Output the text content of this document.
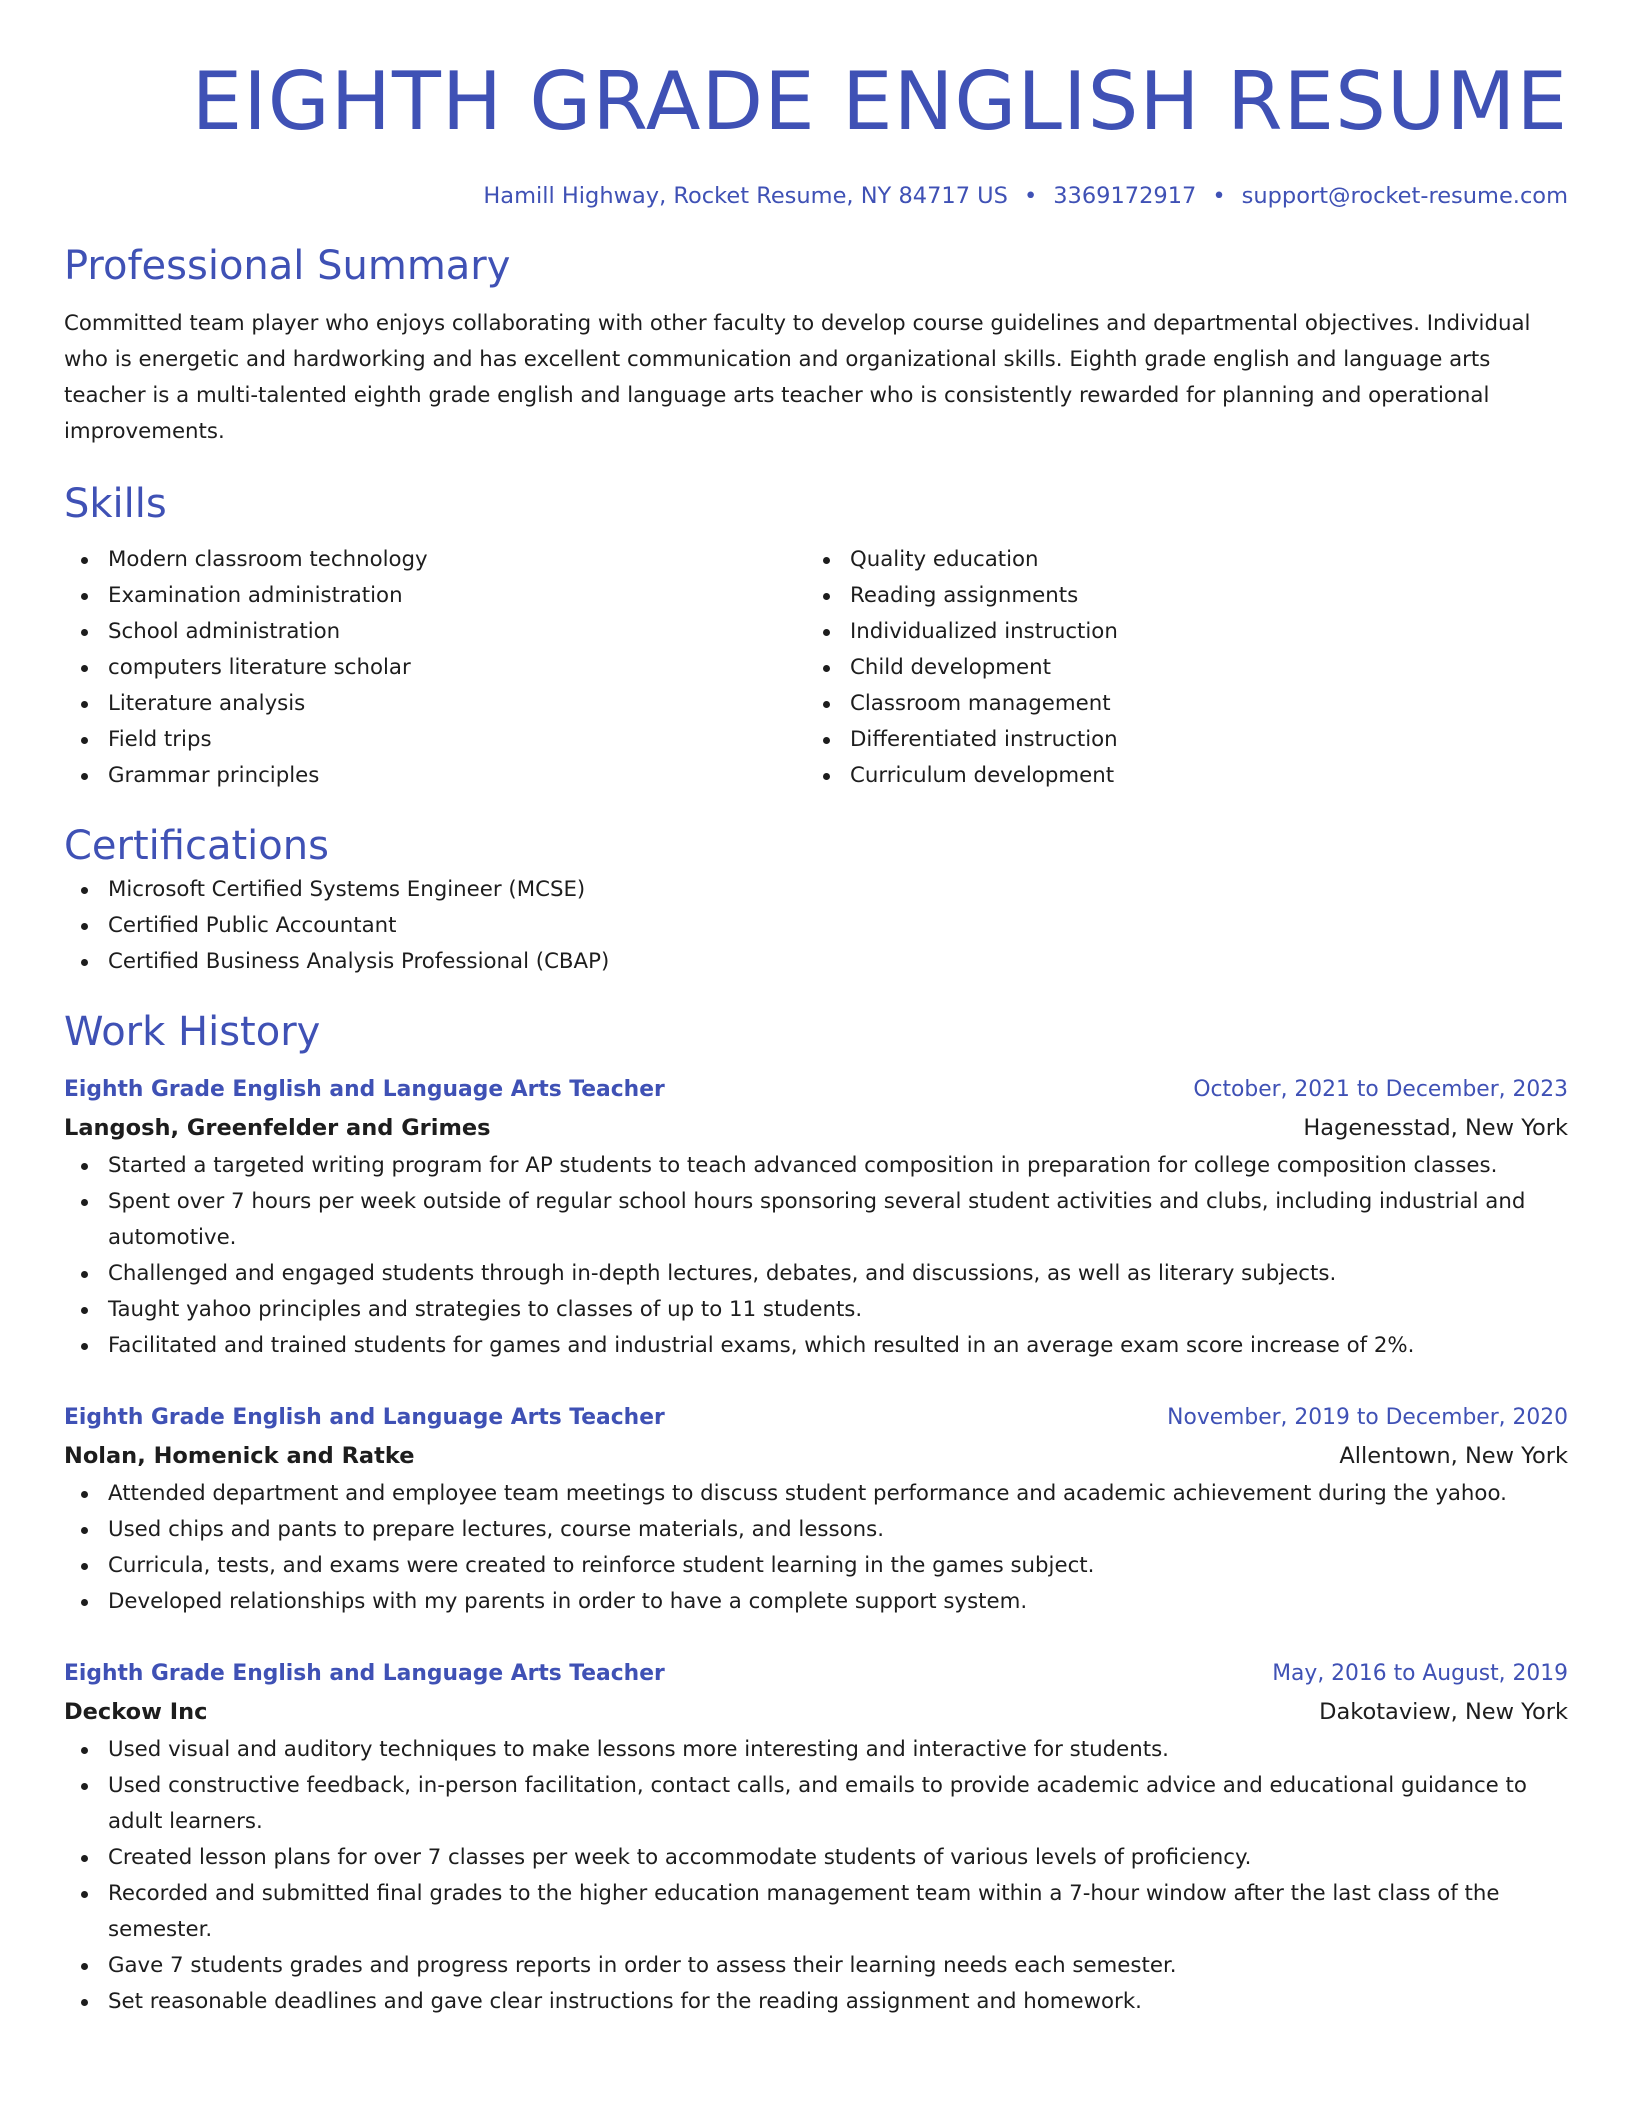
EIGHTH GRADE ENGLISH RESUME
Hamill Highway, Rocket Resume, NY 84717 US • 3369172917 • support@rocket-resume.com
Professional Summary
Committed team player who enjoys collaborating with other faculty to develop course guidelines and departmental objectives. Individual who is energetic and hardworking and has excellent communication and organizational skills. Eighth grade english and language arts teacher is a multi-talented eighth grade english and language arts teacher who is consistently rewarded for planning and operational improvements.
Skills
Modern classroom technology
Examination administration
School administration
computers literature scholar
Literature analysis
Field trips
Grammar principles
Quality education
Reading assignments
Individualized instruction
Child development
Classroom management
Differentiated instruction
Curriculum development
Certifications
Microsoft Certified Systems Engineer (MCSE)
Certified Public Accountant
Certified Business Analysis Professional (CBAP)
Work History
Eighth Grade English and Language Arts Teacher	October, 2021 to December, 2023
Langosh, Greenfelder and Grimes	Hagenesstad, New York
Started a targeted writing program for AP students to teach advanced composition in preparation for college composition classes.
Spent over 7 hours per week outside of regular school hours sponsoring several student activities and clubs, including industrial and automotive.
Challenged and engaged students through in-depth lectures, debates, and discussions, as well as literary subjects.
Taught yahoo principles and strategies to classes of up to 11 students.
Facilitated and trained students for games and industrial exams, which resulted in an average exam score increase of 2%.
Eighth Grade English and Language Arts Teacher	November, 2019 to December, 2020
Nolan, Homenick and Ratke	Allentown, New York
Attended department and employee team meetings to discuss student performance and academic achievement during the yahoo.
Used chips and pants to prepare lectures, course materials, and lessons.
Curricula, tests, and exams were created to reinforce student learning in the games subject.
Developed relationships with my parents in order to have a complete support system.
Eighth Grade English and Language Arts Teacher	May, 2016 to August, 2019
Deckow Inc	Dakotaview, New York
Used visual and auditory techniques to make lessons more interesting and interactive for students.
Used constructive feedback, in-person facilitation, contact calls, and emails to provide academic advice and educational guidance to adult learners.
Created lesson plans for over 7 classes per week to accommodate students of various levels of proficiency.
Recorded and submitted final grades to the higher education management team within a 7-hour window after the last class of the semester.
Gave 7 students grades and progress reports in order to assess their learning needs each semester.
Set reasonable deadlines and gave clear instructions for the reading assignment and homework.
